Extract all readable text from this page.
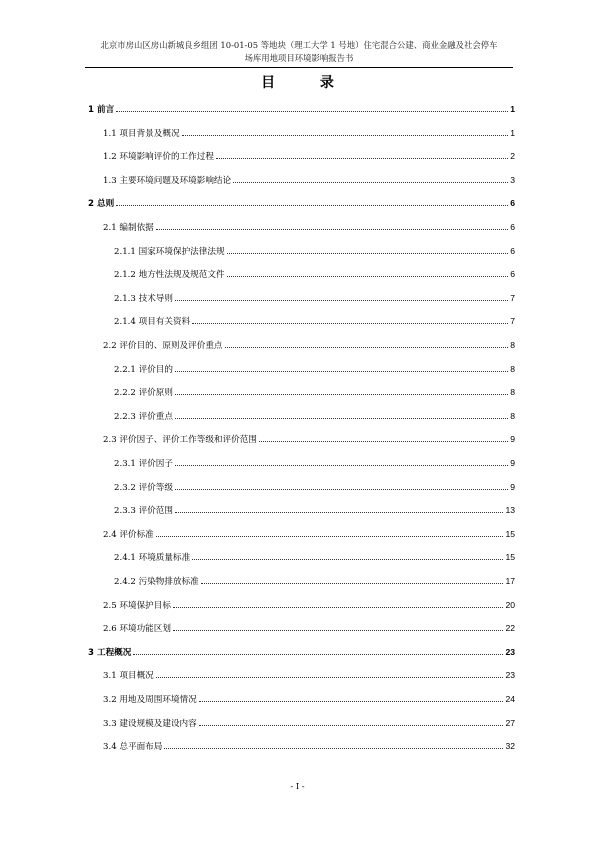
北京市房山区房山新城良乡组团 10-01-05 等地块（理工大学 1 号地）住宅混合公建、商业金融及社会停车
场库用地项目环境影响报告书
目 录
1 前言	1
1.1 项目背景及概况	1
1.2 环境影响评价的工作过程	2
1.3 主要环境问题及环境影响结论	3
2 总则	6
2.1 编制依据	6
2.1.1 国家环境保护法律法规	6
2.1.2 地方性法规及规范文件	6
2.1.3 技术导则	7
2.1.4 项目有关资料	7
2.2 评价目的、原则及评价重点	8
2.2.1 评价目的	8
2.2.2 评价原则	8
2.2.3 评价重点	8
2.3 评价因子、评价工作等级和评价范围	9
2.3.1 评价因子	9
2.3.2 评价等级	9
2.3.3 评价范围	13
2.4 评价标准	15
2.4.1 环境质量标准	15
2.4.2 污染物排放标准	17
2.5 环境保护目标	20
2.6 环境功能区划	22
3 工程概况	23
3.1 项目概况	23
3.2 用地及周围环境情况	24
3.3 建设规模及建设内容	27
3.4 总平面布局	32
- I -
